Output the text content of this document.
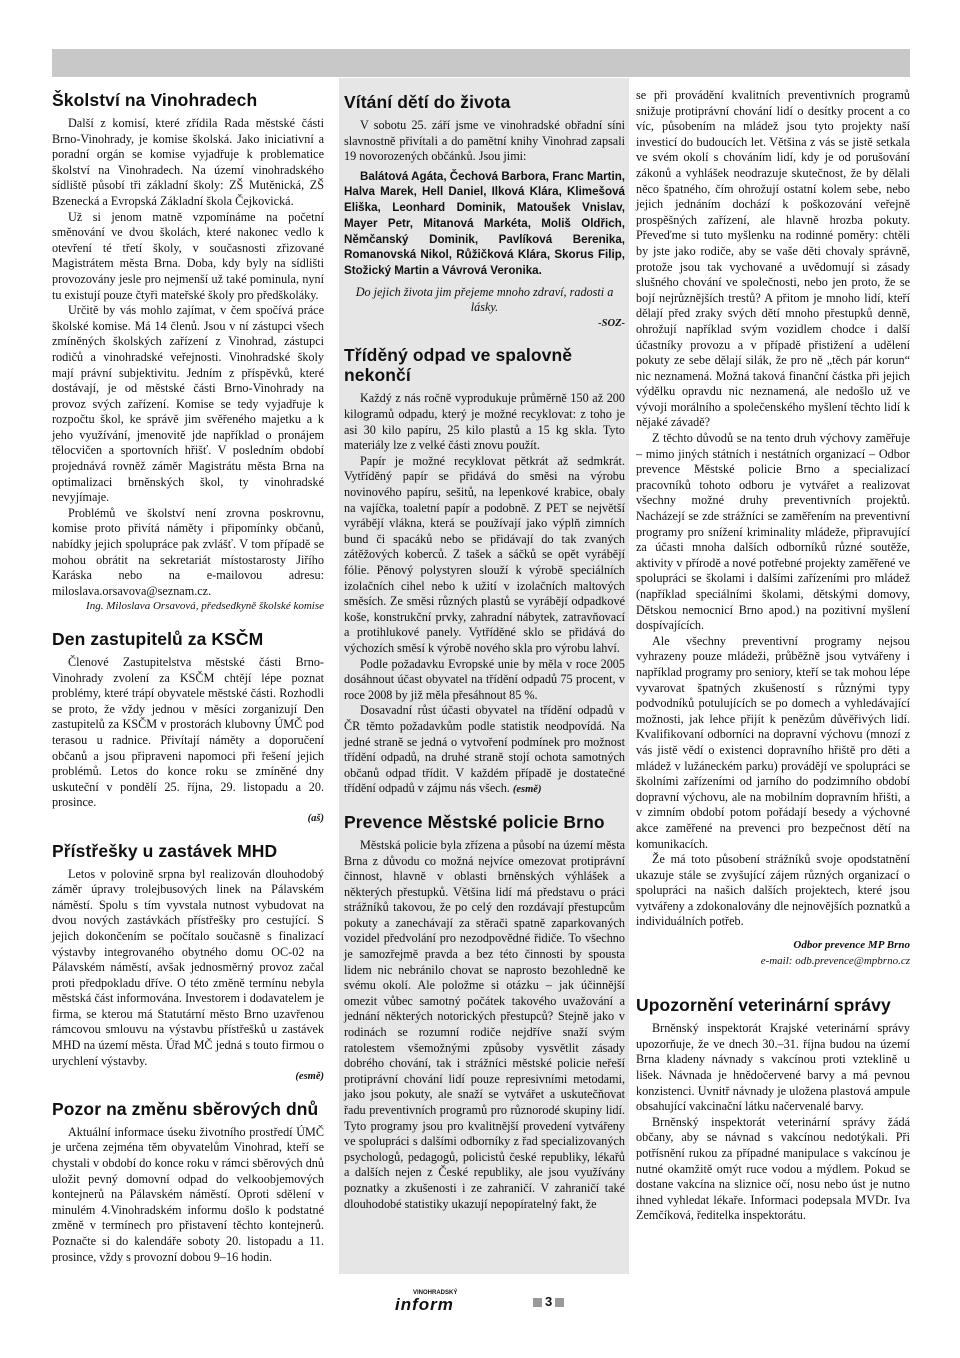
Školství na Vinohradech

Další z komisí, které zřídila Rada městské části Brno-Vinohrady, je komise školská. Jako iniciativní a poradní orgán se komise vyjadřuje k problematice školství na Vinohradech. Na území vinohradského sídliště působí tři základní školy: ZŠ Mutěnická, ZŠ Bzenecká a Evropská Základní škola Čejkovická.

Už si jenom matně vzpomínáme na početní směnování ve dvou školách, které nakonec vedlo k otevření té třetí školy, v současnosti zřizované Magistrátem města Brna. Doba, kdy byly na sídlišti provozovány jesle pro nejmenší už také pominula, nyní tu existují pouze čtyři mateřské školy pro předškoláky.

Určitě by vás mohlo zajímat, v čem spočívá práce školské komise. Má 14 členů. Jsou v ní zástupci všech zmíněných školských zařízení z Vinohrad, zástupci rodičů a vinohradské veřejnosti. Vinohradské školy mají právní subjektivitu. Jedním z příspěvků, které dostávají, je od městské části Brno-Vinohrady na provoz svých zařízení. Komise se tedy vyjadřuje k rozpočtu škol, ke správě jim svěřeného majetku a k jeho využívání, jmenovitě jde například o pronájem tělocvičen a sportovních hřišť. V posledním období projednává rovněž záměr Magistrátu města Brna na optimalizaci brněnských škol, ty vinohradské nevyjímaje.

Problémů ve školství není zrovna poskrovnu, komise proto přivítá náměty i připomínky občanů, nabídky jejich spolupráce pak zvlášť. V tom případě se mohou obrátit na sekretariát místostarosty Jiřího Karáska nebo na e-mailovou adresu: miloslava.orsavova@seznam.cz.

Ing. Miloslava Orsavová, předsedkyně školské komise

Den zastupitelů za KSČM

Členové Zastupitelstva městské části Brno-Vinohrady zvolení za KSČM chtějí lépe poznat problémy, které trápí obyvatele městské části. Rozhodli se proto, že vždy jednou v měsíci zorganizují Den zastupitelů za KSČM v prostorách klubovny ÚMČ pod terasou u radnice. Přivítají náměty a doporučení občanů a jsou připraveni napomoci při řešení jejich problémů. Letos do konce roku se zmíněné dny uskuteční v pondělí 25. října, 29. listopadu a 20. prosince.

(aš)

Přístřešky u zastávek MHD

Letos v polovině srpna byl realizován dlouhodobý záměr úpravy trolejbusových linek na Pálavském náměstí. Spolu s tím vyvstala nutnost vybudovat na dvou nových zastávkách přístřešky pro cestující. S jejich dokončením se počítalo současně s finalizací výstavby integrovaného obytného domu OC-02 na Pálavském náměstí, avšak jednosměrný provoz začal proti předpokladu dříve. O této změně termínu nebyla městská část informována. Investorem i dodavatelem je firma, se kterou má Statutární město Brno uzavřenou rámcovou smlouvu na výstavbu přístřešků u zastávek MHD na území města. Úřad MČ jedná s touto firmou o urychlení výstavby.

(esmě)

Pozor na změnu sběrových dnů

Aktuální informace úseku životního prostředí ÚMČ je určena zejména těm obyvatelům Vinohrad, kteří se chystali v období do konce roku v rámci sběrových dnů uložit pevný domovní odpad do velkoobjemových kontejnerů na Pálavském náměstí. Oproti sdělení v minulém 4.Vinohradském informu došlo k podstatné změně v termínech pro přistavení těchto kontejnerů. Poznačte si do kalendáře soboty 20. listopadu a 11. prosince, vždy s provozní dobou 9–16 hodin.

Vítání dětí do života

V sobotu 25. září jsme ve vinohradské obřadní síni slavnostně přivítali a do pamětní knihy Vinohrad zapsali 19 novorozených občánků. Jsou jimi:

Balátová Agáta, Čechová Barbora, Franc Martin, Halva Marek, Hell Daniel, Ilková Klára, Klimešová Eliška, Leonhard Dominik, Matoušek Vnislav, Mayer Petr, Mitanová Markéta, Moliš Oldřich, Němčanský Dominik, Pavlíková Berenika, Romanovská Nikol, Růžičková Klára, Skorus Filip, Stožický Martin a Vávrová Veronika.

Do jejich života jim přejeme mnoho zdraví, radosti a lásky.

-SOZ-

Tříděný odpad ve spalovně nekončí

Každý z nás ročně vyprodukuje průměrně 150 až 200 kilogramů odpadu, který je možné recyklovat: z toho je asi 30 kilo papíru, 25 kilo plastů a 15 kg skla. Tyto materiály lze z velké části znovu použít.

Papír je možné recyklovat pětkrát až sedmkrát. Vytříděný papír se přidává do směsi na výrobu novinového papíru, sešitů, na lepenkové krabice, obaly na vajíčka, toaletní papír a podobně. Z PET se největší vyrábějí vlákna, která se používají jako výplň zimních bund či spacáků nebo se přidávají do tak zvaných zátěžových koberců. Z tašek a sáčků se opět vyrábějí fólie. Pěnový polystyren slouží k výrobě speciálních izolačních cihel nebo k užití v izolačních maltových směsích. Ze směsi různých plastů se vyrábějí odpadkové koše, konstrukční prvky, zahradní nábytek, zatravňovací a protihlukové panely. Vytříděné sklo se přidává do výchozích směsí k výrobě nového skla pro výrobu lahví.

Podle požadavku Evropské unie by měla v roce 2005 dosáhnout účast obyvatel na třídění odpadů 75 procent, v roce 2008 by již měla přesáhnout 85 %.

Dosavadní růst účasti obyvatel na třídění odpadů v ČR těmto požadavkům podle statistik neodpovídá. Na jedné straně se jedná o vytvoření podmínek pro možnost třídění odpadů, na druhé straně stojí ochota samotných občanů odpad třídit. V každém případě je dostatečné třídění odpadů v zájmu nás všech. (esmě)

Prevence Městské policie Brno

Městská policie byla zřízena a působí na území města Brna z důvodu co možná nejvíce omezovat protiprávní činnost, hlavně v oblasti brněnských výhlášek a některých přestupků. Většina lidí má představu o práci strážníků takovou, že po celý den rozdávají přestupcům pokuty a zanechávají za stěrači spatně zaparkovaných vozidel předvolání pro nezodpovědné řidiče. To všechno je samozřejmě pravda a bez této činnosti by spousta lidem nic nebránilo chovat se naprosto bezohledně ke svému okolí. Ale položme si otázku – jak účinnější omezit vůbec samotný počátek takového uvažování a jednání některých notorických přestupců? Stejně jako v rodinách se rozumní rodiče nejdříve snaží svým ratolestem všemožnými způsoby vysvětlit zásady dobrého chování, tak i strážníci městské policie neřeší protiprávní chování lidí pouze represivními metodami, jako jsou pokuty, ale snaží se vytvářet a uskutečňovat řadu preventivních programů pro různorodé skupiny lidí. Tyto programy jsou pro kvalitnější provedení vytvářeny ve spolupráci s dalšími odborníky z řad specializovaných psychologů, pedagogů, policistů české republiky, lékařů a dalších nejen z České republiky, ale jsou využívány poznatky a zkušenosti i ze zahraničí. V zahraničí také dlouhodobé statistiky ukazují nepopíratelný fakt, že

se při provádění kvalitních preventivních programů snižuje protiprávní chování lidí o desítky procent a co víc, působením na mládež jsou tyto projekty naší investicí do budoucích let. Většina z vás se jistě setkala ve svém okolí s chováním lidí, kdy je od porušování zákonů a vyhlášek neodrazuje skutečnost, že by dělali něco špatného, čím ohrožují ostatní kolem sebe, nebo jejich jednáním dochází k poškozování veřejně prospěšných zařízení, ale hlavně hrozba pokuty. Převeďme si tuto myšlenku na rodinné poměry: chtěli by jste jako rodiče, aby se vaše děti chovaly správně, protože jsou tak vychované a uvědomují si zásady slušného chování ve společnosti, nebo jen proto, že se bojí nejrůznějších trestů? A přitom je mnoho lidí, kteří dělají před zraky svých dětí mnoho přestupků denně, ohrožují například svým vozidlem chodce i další účastníky provozu a v případě přistižení a udělení pokuty ze sebe dělají silák, že pro ně „těch pár korun“ nic neznamená. Možná taková finanční částka při jejich výdělku opravdu nic neznamená, ale nedošlo už ve vývoji morálního a společenského myšlení těchto lidí k nějaké závadě?

Z těchto důvodů se na tento druh výchovy zaměřuje – mimo jiných státních i nestátních organizací – Odbor prevence Městské policie Brno a specializací pracovníků tohoto odboru je vytvářet a realizovat všechny možné druhy preventivních projektů. Nacházejí se zde strážníci se zaměřením na preventivní programy pro snížení kriminality mládeže, připravující za účasti mnoha dalších odborníků různé soutěže, aktivity v přírodě a nové potřebné projekty zaměřené ve spolupráci se školami i dalšími zařízeními pro mládež (například speciálními školami, dětskými domovy, Dětskou nemocnicí Brno apod.) na pozitivní myšlení dospívajících.

Ale všechny preventivní programy nejsou vyhrazeny pouze mládeži, průběžně jsou vytvářeny i například programy pro seniory, kteří se tak mohou lépe vyvarovat špatných zkušeností s různými typy podvodníků potulujících se po domech a vyhledávající možnosti, jak lehce přijít k penězům důvěřivých lidí. Kvalifikovaní odborníci na dopravní výchovu (mnozí z vás jistě vědí o existenci dopravního hřiště pro děti a mládež v lužáneckém parku) provádějí ve spolupráci se školními zařízeními od jarního do podzimního období dopravní výchovu, ale na mobilním dopravním hřišti, a v zimním období potom pořádají besedy a výchovné akce zaměřené na prevenci pro bezpečnost dětí na komunikacích.

Že má toto působení strážníků svoje opodstatnění ukazuje stále se zvyšující zájem různých organizací o spolupráci na našich dalších projektech, které jsou vytvářeny a zdokonalovány dle nejnovějších poznatků a individuálních potřeb.

Odbor prevence MP Brno

e-mail: odb.prevence@mpbrno.cz

Upozornění veterinární správy

Brněnský inspektorát Krajské veterinární správy upozorňuje, že ve dnech 30.–31. října budou na území Brna kladeny návnady s vakcínou proti vzteklině u lišek. Návnada je hnědočervené barvy a má pevnou konzistenci. Uvnitř návnady je uložena plastová ampule obsahující vakcinační látku načervenalé barvy.

Brněnský inspektorát veterinární správy žádá občany, aby se návnad s vakcínou nedotýkali. Při potřísnění rukou za případné manipulace s vakcínou je nutné okamžitě omýt ruce vodou a mýdlem. Pokud se dostane vakcína na sliznice očí, nosu nebo úst je nutno ihned vyhledat lékaře. Informaci podepsala MVDr. Iva Zemčíková, ředitelka inspektorátu.

VINOHRADSKÝ
inform	3
